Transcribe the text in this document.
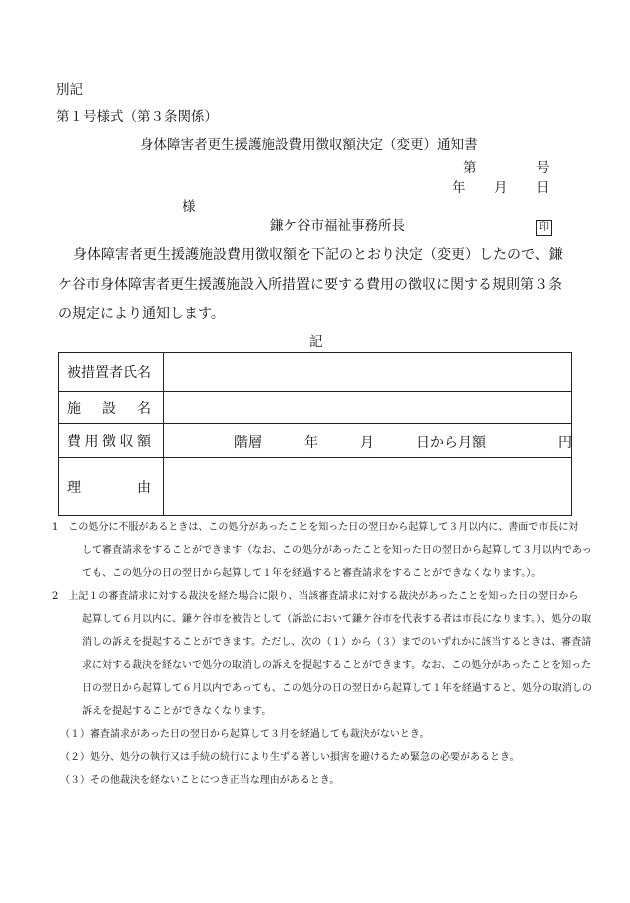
別記
第１号様式（第３条関係）
身体障害者更生援護施設費用徴収額決定（変更）通知書
第	号
年 月 日
様
鎌ケ谷市福祉事務所長	印
身体障害者更生援護施設費用徴収額を下記のとおり決定（変更）したので、鎌
ケ谷市身体障害者更生援護施設入所措置に要する費用の徴収に関する規則第３条
の規定により通知します。
記
被措置者氏名	

施 設 名	

費 用 徴 収 額	階層 年 月 日から月額 円

理 由	

1　この処分に不服があるときは、この処分があったことを知った日の翌日から起算して３月以内に、書面で市長に対
して審査請求をすることができます（なお、この処分があったことを知った日の翌日から起算して３月以内であっ
ても、この処分の日の翌日から起算して１年を経過すると審査請求をすることができなくなります。）。
2　上記１の審査請求に対する裁決を経た場合に限り、当該審査請求に対する裁決があったことを知った日の翌日から
起算して６月以内に、鎌ケ谷市を被告として（訴訟において鎌ケ谷市を代表する者は市長になります。）、処分の取
消しの訴えを提起することができます。ただし、次の（１）から（３）までのいずれかに該当するときは、審査請
求に対する裁決を経ないで処分の取消しの訴えを提起することができます。なお、この処分があったことを知った
日の翌日から起算して６月以内であっても、この処分の日の翌日から起算して１年を経過すると、処分の取消しの
訴えを提起することができなくなります。
（１）審査請求があった日の翌日から起算して３月を経過しても裁決がないとき。
（２）処分、処分の執行又は手続の続行により生ずる著しい損害を避けるため緊急の必要があるとき。
（３）その他裁決を経ないことにつき正当な理由があるとき。
